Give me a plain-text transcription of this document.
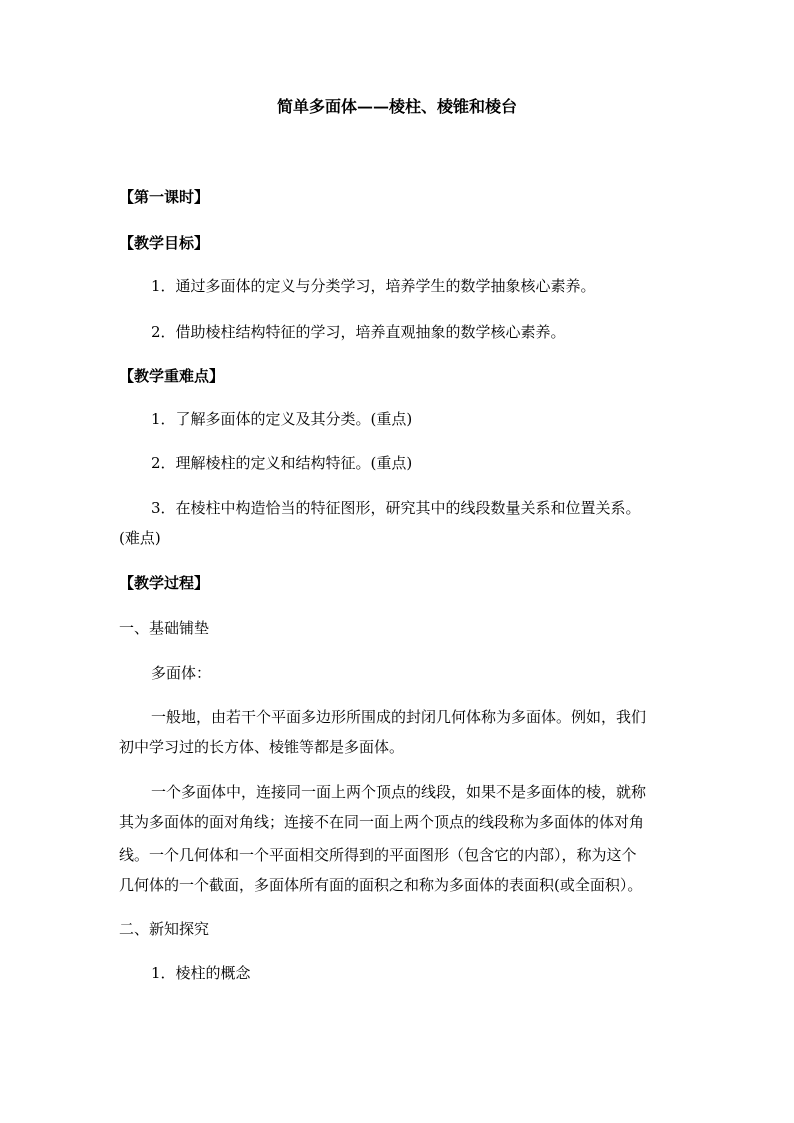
简单多面体——棱柱、棱锥和棱台

【第一课时】

【教学目标】

1．通过多面体的定义与分类学习，培养学生的数学抽象核心素养。

2．借助棱柱结构特征的学习，培养直观抽象的数学核心素养。

【教学重难点】

1．了解多面体的定义及其分类。(重点)

2．理解棱柱的定义和结构特征。(重点)

3．在棱柱中构造恰当的特征图形，研究其中的线段数量关系和位置关系。

(难点)

【教学过程】

一、基础铺垫

多面体：

一般地，由若干个平面多边形所围成的封闭几何体称为多面体。例如，我们

初中学习过的长方体、棱锥等都是多面体。

一个多面体中，连接同一面上两个顶点的线段，如果不是多面体的棱，就称

其为多面体的面对角线；连接不在同一面上两个顶点的线段称为多面体的体对角

线。一个几何体和一个平面相交所得到的平面图形（包含它的内部），称为这个

几何体的一个截面，多面体所有面的面积之和称为多面体的表面积(或全面积）。

二、新知探究

1．棱柱的概念
